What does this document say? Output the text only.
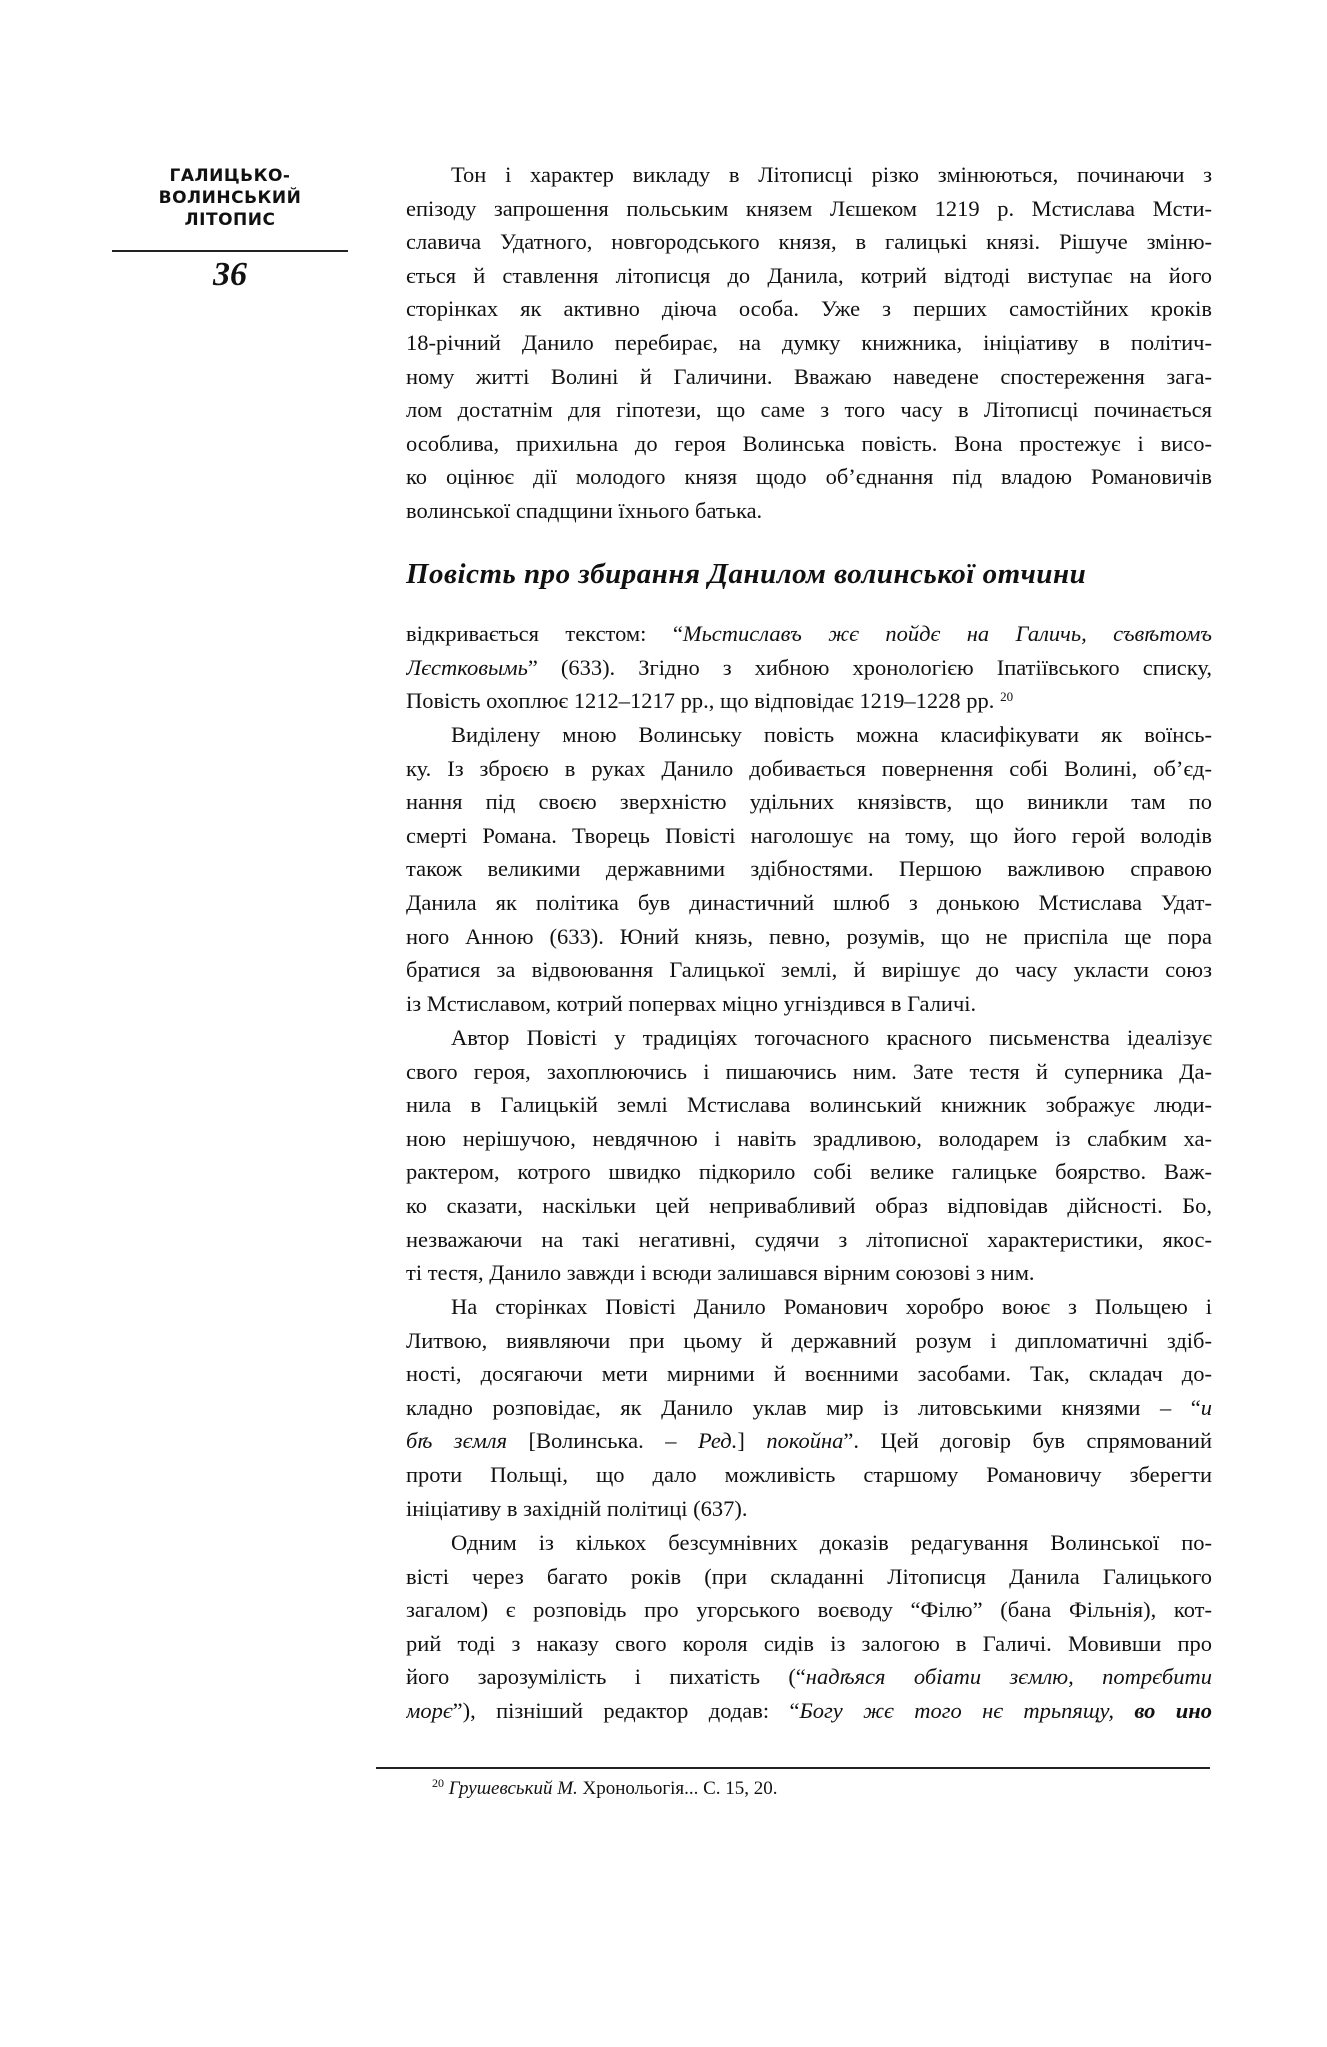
ГАЛИЦЬКО-
ВОЛИНСЬКИЙ
ЛІТОПИС
36
Тон і характер викладу в Літописці різко змінюються, починаючи з
епізоду запрошення польським князем Лєшеком 1219 р. Мстислава Мсти-
славича Удатного, новгородського князя, в галицькі князі. Рішуче зміню-
ється й ставлення літописця до Данила, котрий відтоді виступає на його
сторінках як активно діюча особа. Уже з перших самостійних кроків
18-річний Данило перебирає, на думку книжника, ініціативу в політич-
ному житті Волині й Галичини. Вважаю наведене спостереження зага-
лом достатнім для гіпотези, що саме з того часу в Літописці починається
особлива, прихильна до героя Волинська повість. Вона простежує і висо-
ко оцінює дії молодого князя щодо об’єднання під владою Романовичів
волинської спадщини їхнього батька.
Повість про збирання Данилом волинської отчини
відкривається текстом: “Мьстиславъ жє пойдє на Галичь, съвѣтомъ
Лєстковымь” (633). Згідно з хибною хронологією Іпатіївського списку,
Повість охоплює 1212–1217 рр., що відповідає 1219–1228 рр. $^{20}$
Виділену мною Волинську повість можна класифікувати як воїнсь-
ку. Із зброєю в руках Данило добивається повернення собі Волині, об’єд-
нання під своєю зверхністю удільних князівств, що виникли там по
смерті Романа. Творець Повісті наголошує на тому, що його герой володів
також великими державними здібностями. Першою важливою справою
Данила як політика був династичний шлюб з донькою Мстислава Удат-
ного Анною (633). Юний князь, певно, розумів, що не приспіла ще пора
братися за відвоювання Галицької землі, й вирішує до часу укласти союз
із Мстиславом, котрий попервах міцно угніздився в Галичі.
Автор Повісті у традиціях тогочасного красного письменства ідеалізує
свого героя, захоплюючись і пишаючись ним. Зате тестя й суперника Да-
нила в Галицькій землі Мстислава волинський книжник зображує люди-
ною нерішучою, невдячною і навіть зрадливою, володарем із слабким ха-
рактером, котрого швидко підкорило собі велике галицьке боярство. Важ-
ко сказати, наскільки цей непривабливий образ відповідав дійсності. Бо,
незважаючи на такі негативні, судячи з літописної характеристики, якос-
ті тестя, Данило завжди і всюди залишався вірним союзові з ним.
На сторінках Повісті Данило Романович хоробро воює з Польщею і
Литвою, виявляючи при цьому й державний розум і дипломатичні здіб-
ності, досягаючи мети мирними й воєнними засобами. Так, складач до-
кладно розповідає, як Данило уклав мир із литовськими князями – “и
бѣ зємля [Волинська. – Ред.] покойна”. Цей договір був спрямований
проти Польщі, що дало можливість старшому Романовичу зберегти
ініціативу в західній політиці (637).
Одним із кількох безсумнівних доказів редагування Волинської по-
вісті через багато років (при складанні Літописця Данила Галицького
загалом) є розповідь про угорського воєводу “Філю” (бана Фільнія), кот-
рий тоді з наказу свого короля сидів із залогою в Галичі. Мовивши про
його зарозумілість і пихатість (“надѣяся обіати зємлю, потрєбити
морє”), пізніший редактор додав: “Богу жє того нє трьпящу, во ино
$^{20}$ Грушевський М. Хронольогія... С. 15, 20.
